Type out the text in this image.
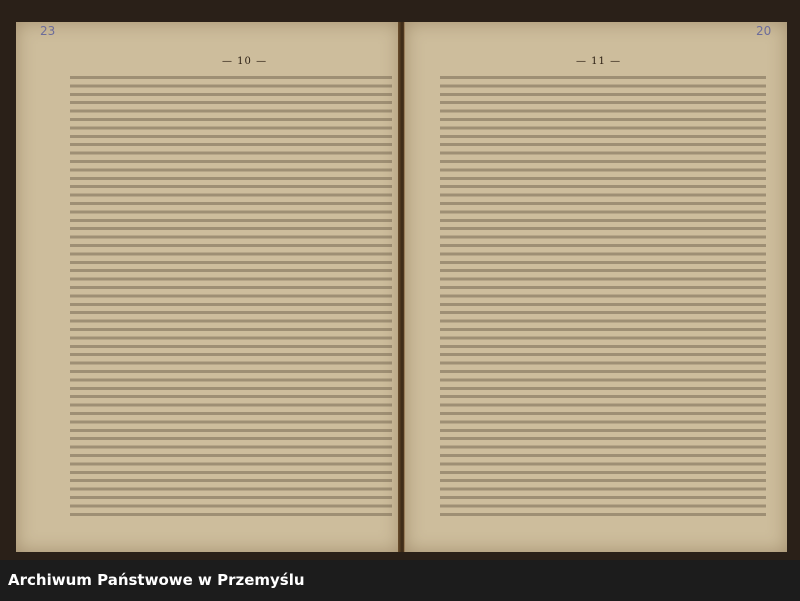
23	20
— 10 —	— 11 —
Archiwum Państwowe w Przemyślu
